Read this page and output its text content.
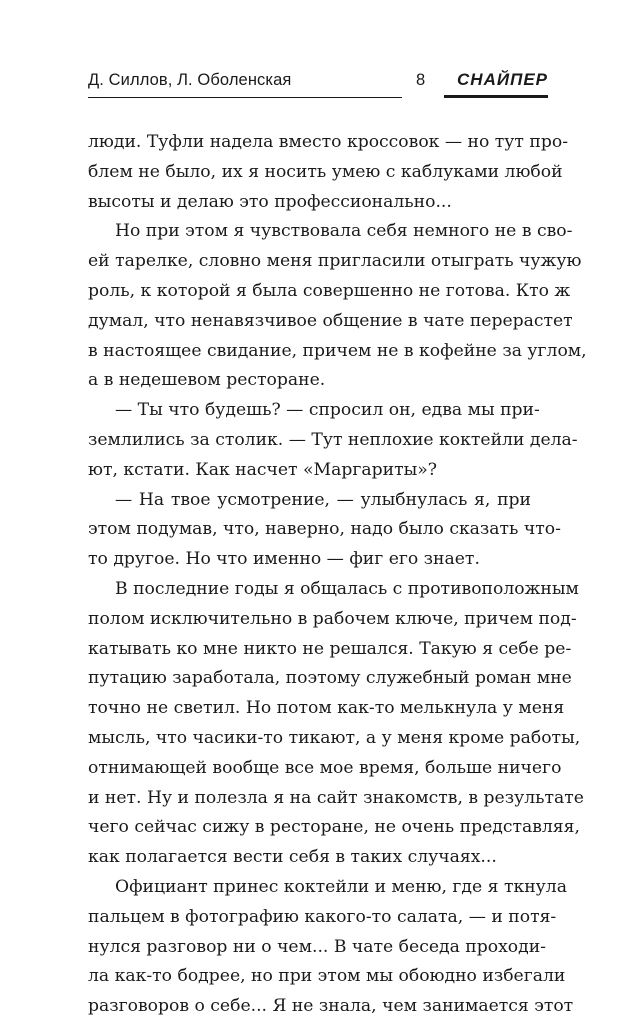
Д. Силлов, Л. Оболенская	8 СНАЙПЕР
люди. Туфли надела вместо кроссовок — но тут про-
блем не было, их я носить умею с каблуками любой
высоты и делаю это профессионально...
Но при этом я чувствовала себя немного не в сво-
ей тарелке, словно меня пригласили отыграть чужую
роль, к которой я была совершенно не готова. Кто ж
думал, что ненавязчивое общение в чате перерастет
в настоящее свидание, причем не в кофейне за углом,
а в недешевом ресторане.
— Ты что будешь? — спросил он, едва мы при-
землились за столик. — Тут неплохие коктейли дела-
ют, кстати. Как насчет «Маргариты»?
— На твое усмотрение, — улыбнулась я, при
этом подумав, что, наверно, надо было сказать что-
то другое. Но что именно — фиг его знает.
В последние годы я общалась с противоположным
полом исключительно в рабочем ключе, причем под-
катывать ко мне никто не решался. Такую я себе ре-
путацию заработала, поэтому служебный роман мне
точно не светил. Но потом как-то мелькнула у меня
мысль, что часики-то тикают, а у меня кроме работы,
отнимающей вообще все мое время, больше ничего
и нет. Ну и полезла я на сайт знакомств, в результате
чего сейчас сижу в ресторане, не очень представляя,
как полагается вести себя в таких случаях...
Официант принес коктейли и меню, где я ткнула
пальцем в фотографию какого-то салата, — и потя-
нулся разговор ни о чем... В чате беседа проходи-
ла как-то бодрее, но при этом мы обоюдно избегали
разговоров о себе... Я не знала, чем занимается этот
